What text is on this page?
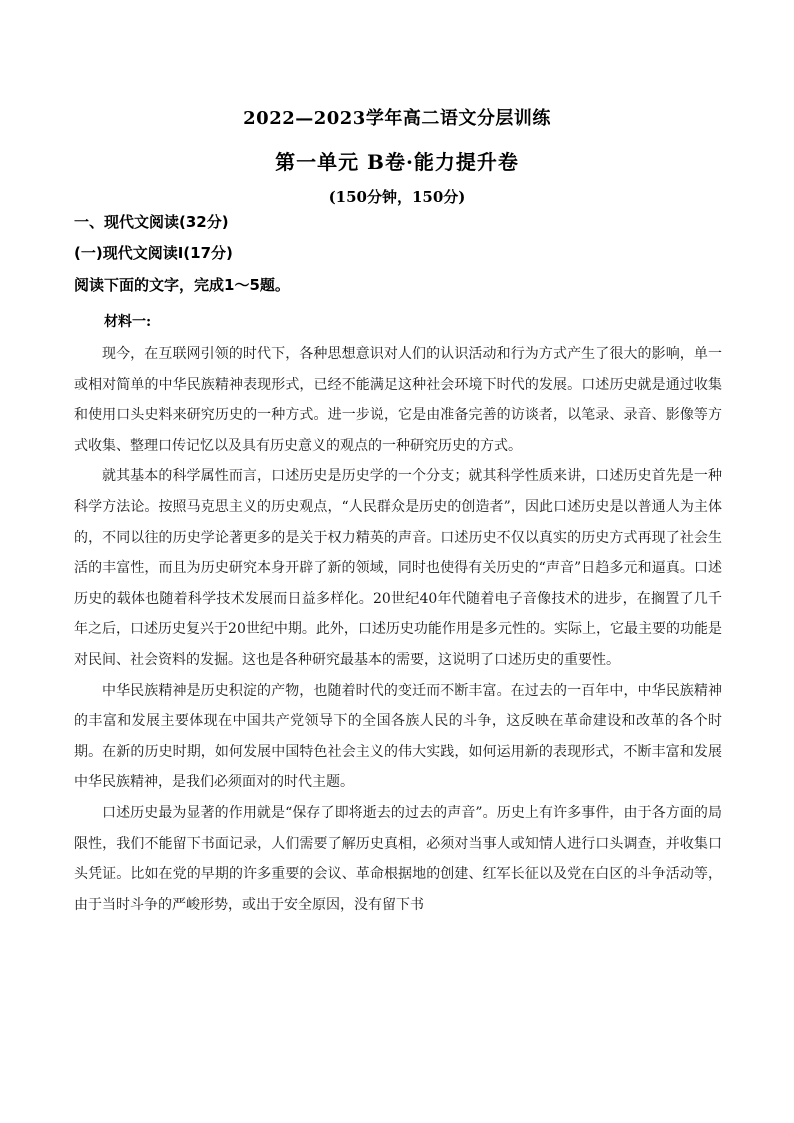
2022—2023学年高二语文分层训练
第一单元 B卷·能力提升卷
(150分钟，150分)
一、现代文阅读(32分)
(一)现代文阅读Ⅰ(17分)
阅读下面的文字，完成1～5题。
材料一:

现今，在互联网引领的时代下，各种思想意识对人们的认识活动和行为方式产生了很大的影响，单一或相对简单的中华民族精神表现形式，已经不能满足这种社会环境下时代的发展。口述历史就是通过收集和使用口头史料来研究历史的一种方式。进一步说，它是由准备完善的访谈者，以笔录、录音、影像等方式收集、整理口传记忆以及具有历史意义的观点的一种研究历史的方式。

就其基本的科学属性而言，口述历史是历史学的一个分支；就其科学性质来讲，口述历史首先是一种科学方法论。按照马克思主义的历史观点，“人民群众是历史的创造者”，因此口述历史是以普通人为主体的，不同以往的历史学论著更多的是关于权力精英的声音。口述历史不仅以真实的历史方式再现了社会生活的丰富性，而且为历史研究本身开辟了新的领域，同时也使得有关历史的“声音”日趋多元和逼真。口述历史的载体也随着科学技术发展而日益多样化。20世纪40年代随着电子音像技术的进步，在搁置了几千年之后，口述历史复兴于20世纪中期。此外，口述历史功能作用是多元性的。实际上，它最主要的功能是对民间、社会资料的发掘。这也是各种研究最基本的需要，这说明了口述历史的重要性。

中华民族精神是历史积淀的产物，也随着时代的变迁而不断丰富。在过去的一百年中，中华民族精神的丰富和发展主要体现在中国共产党领导下的全国各族人民的斗争，这反映在革命建设和改革的各个时期。在新的历史时期，如何发展中国特色社会主义的伟大实践，如何运用新的表现形式，不断丰富和发展中华民族精神，是我们必须面对的时代主题。

口述历史最为显著的作用就是“保存了即将逝去的过去的声音”。历史上有许多事件，由于各方面的局限性，我们不能留下书面记录，人们需要了解历史真相，必须对当事人或知情人进行口头调查，并收集口头凭证。比如在党的早期的许多重要的会议、革命根据地的创建、红军长征以及党在白区的斗争活动等，由于当时斗争的严峻形势，或出于安全原因，没有留下书
